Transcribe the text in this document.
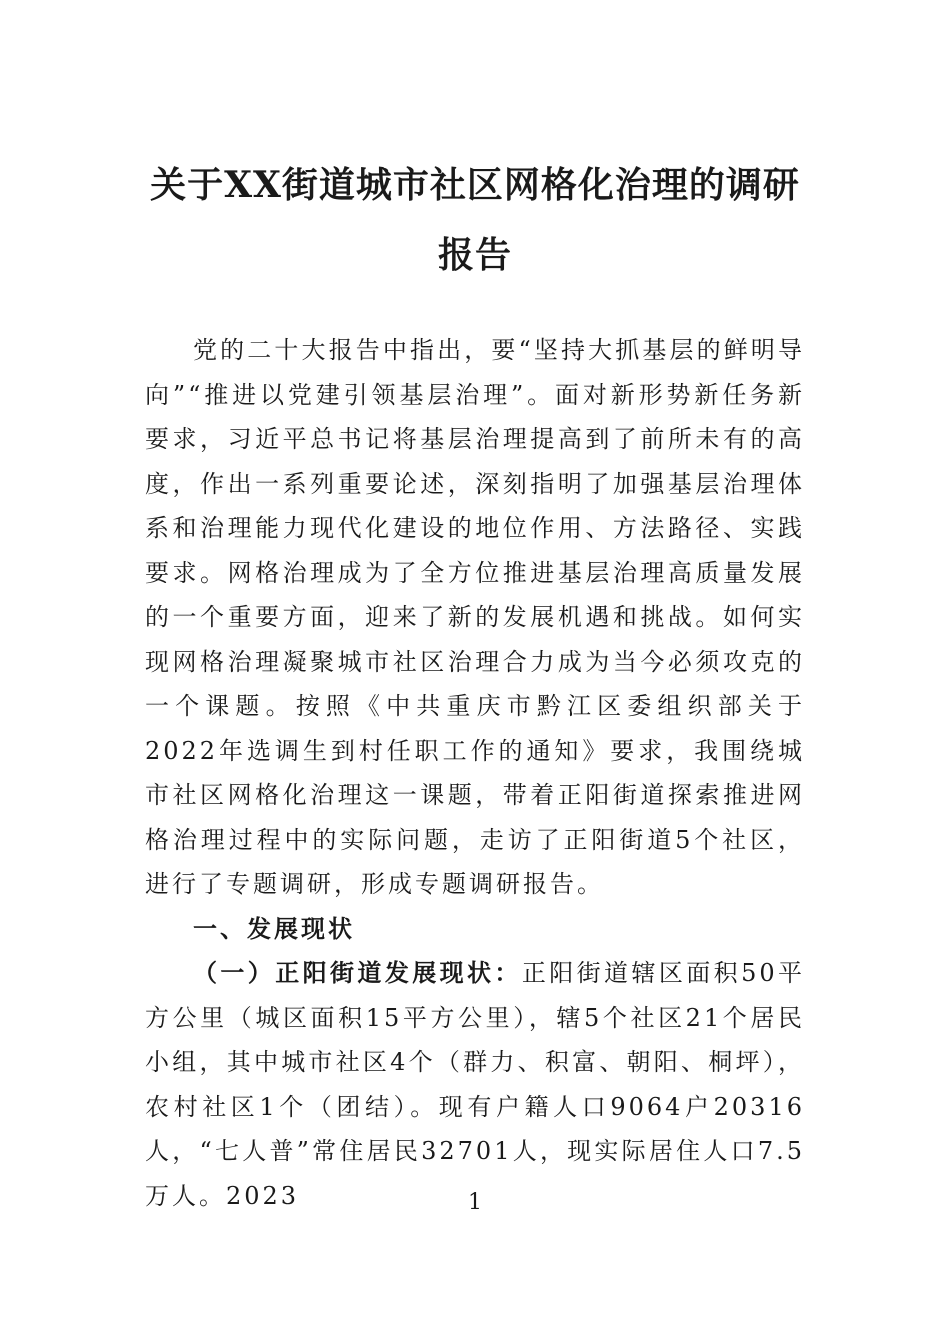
关于XX街道城市社区网格化治理的调研报告

党的二十大报告中指出，要“坚持大抓基层的鲜明导向”“推进以党建引领基层治理”。面对新形势新任务新要求，习近平总书记将基层治理提高到了前所未有的高度，作出一系列重要论述，深刻指明了加强基层治理体系和治理能力现代化建设的地位作用、方法路径、实践要求。网格治理成为了全方位推进基层治理高质量发展的一个重要方面，迎来了新的发展机遇和挑战。如何实现网格治理凝聚城市社区治理合力成为当今必须攻克的一个课题。按照《中共重庆市黔江区委组织部关于2022年选调生到村任职工作的通知》要求，我围绕城市社区网格化治理这一课题，带着正阳街道探索推进网格治理过程中的实际问题，走访了正阳街道5个社区，进行了专题调研，形成专题调研报告。

一、发展现状

（一）正阳街道发展现状：正阳街道辖区面积50平方公里（城区面积15平方公里），辖5个社区21个居民小组，其中城市社区4个（群力、积富、朝阳、桐坪），农村社区1个（团结）。现有户籍人口9064户20316人，“七人普”常住居民32701人，现实际居住人口7.5万人。2023	1
